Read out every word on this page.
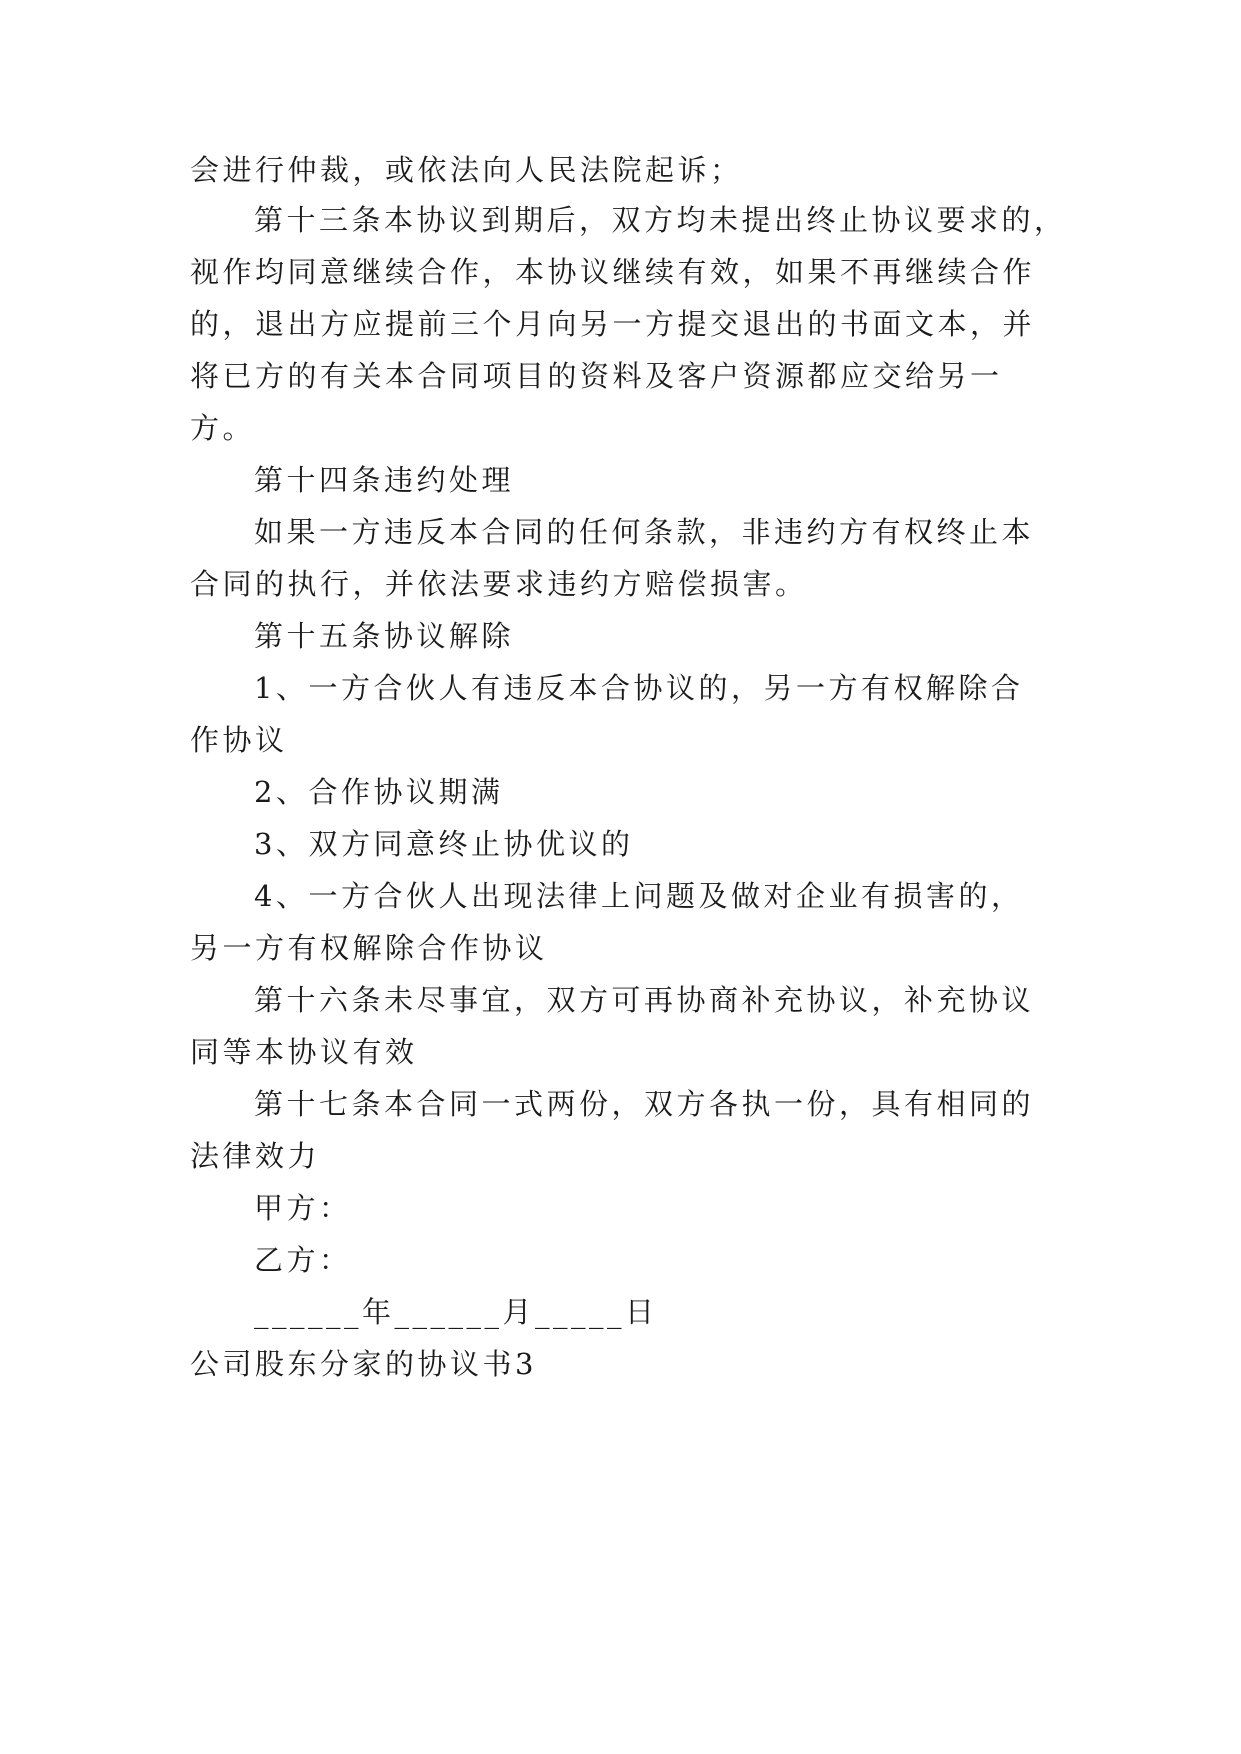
会进行仲裁，或依法向人民法院起诉；
第十三条本协议到期后，双方均未提出终止协议要求的，
视作均同意继续合作，本协议继续有效，如果不再继续合作
的，退出方应提前三个月向另一方提交退出的书面文本，并
将已方的有关本合同项目的资料及客户资源都应交给另一
方。
第十四条违约处理
如果一方违反本合同的任何条款，非违约方有权终止本
合同的执行，并依法要求违约方赔偿损害。
第十五条协议解除
1、一方合伙人有违反本合协议的，另一方有权解除合
作协议
2、合作协议期满
3、双方同意终止协优议的
4、一方合伙人出现法律上问题及做对企业有损害的，
另一方有权解除合作协议
第十六条未尽事宜，双方可再协商补充协议，补充协议
同等本协议有效
第十七条本合同一式两份，双方各执一份，具有相同的
法律效力
甲方：
乙方：
______年______月_____日
公司股东分家的协议书3
